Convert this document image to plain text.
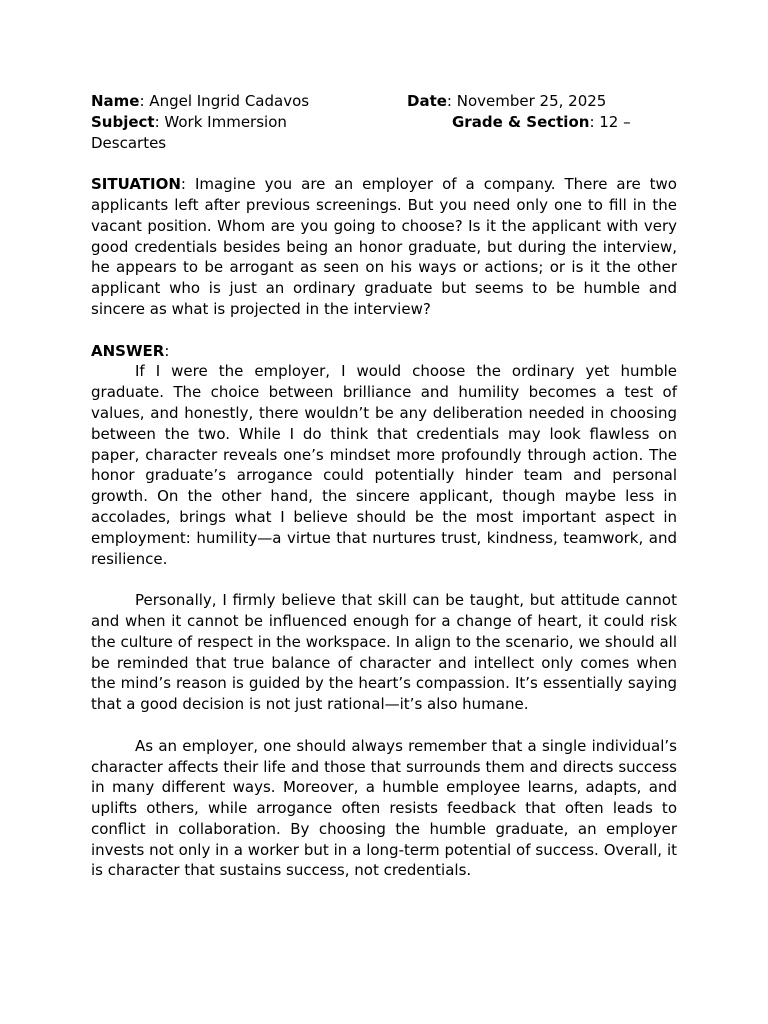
Name: Angel Ingrid Cadavos	Date: November 25, 2025
Subject: Work Immersion	Grade & Section: 12 –
Descartes

SITUATION: Imagine you are an employer of a company. There are two applicants left after previous screenings. But you need only one to fill in the vacant position. Whom are you going to choose? Is it the applicant with very good credentials besides being an honor graduate, but during the interview, he appears to be arrogant as seen on his ways or actions; or is it the other applicant who is just an ordinary graduate but seems to be humble and sincere as what is projected in the interview?

ANSWER:

If I were the employer, I would choose the ordinary yet humble graduate. The choice between brilliance and humility becomes a test of values, and honestly, there wouldn’t be any deliberation needed in choosing between the two. While I do think that credentials may look flawless on paper, character reveals one’s mindset more profoundly through action. The honor graduate’s arrogance could potentially hinder team and personal growth. On the other hand, the sincere applicant, though maybe less in accolades, brings what I believe should be the most important aspect in employment: humility—a virtue that nurtures trust, kindness, teamwork, and resilience.

Personally, I firmly believe that skill can be taught, but attitude cannot and when it cannot be influenced enough for a change of heart, it could risk the culture of respect in the workspace. In align to the scenario, we should all be reminded that true balance of character and intellect only comes when the mind’s reason is guided by the heart’s compassion. It’s essentially saying that a good decision is not just rational—it’s also humane.

As an employer, one should always remember that a single individual’s character affects their life and those that surrounds them and directs success in many different ways. Moreover, a humble employee learns, adapts, and uplifts others, while arrogance often resists feedback that often leads to conflict in collaboration. By choosing the humble graduate, an employer invests not only in a worker but in a long-term potential of success. Overall, it is character that sustains success, not credentials.
